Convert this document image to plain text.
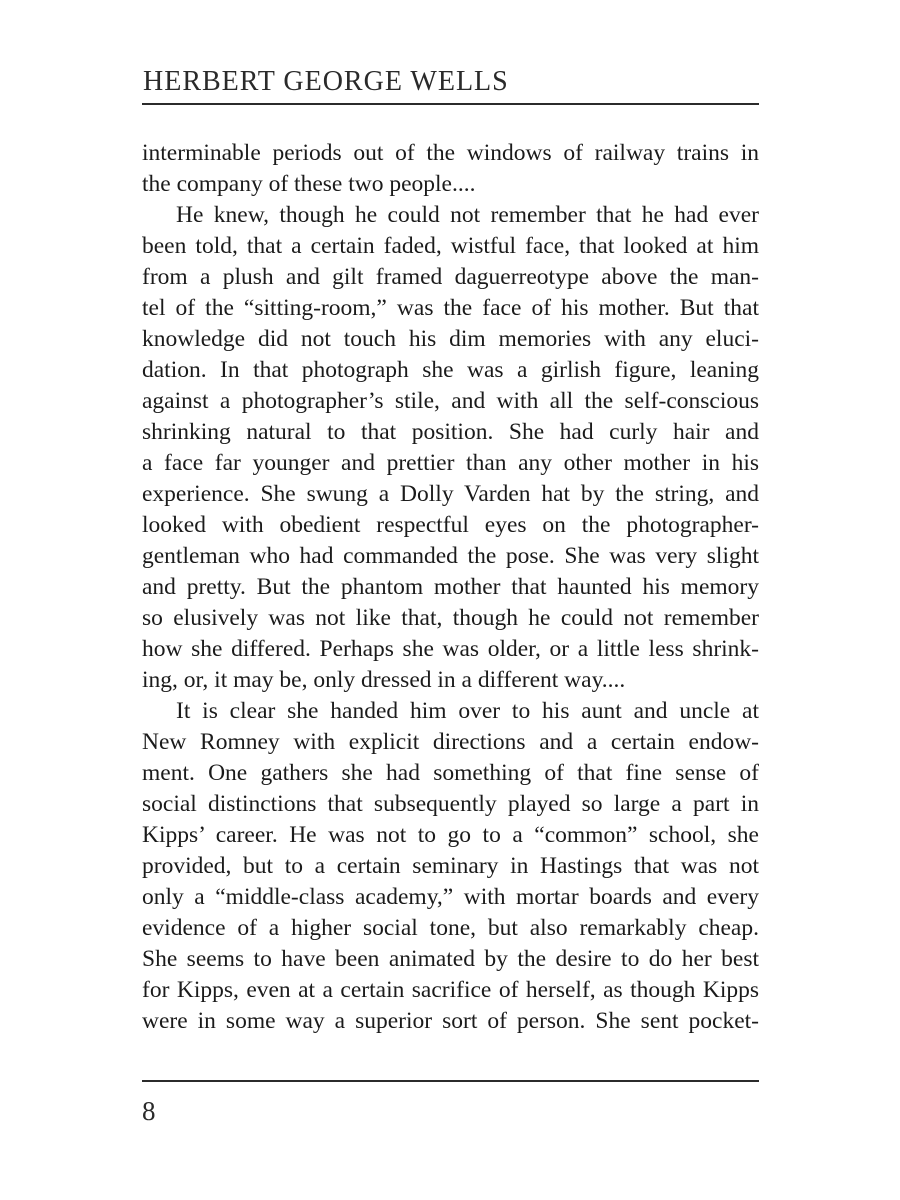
HERBERT GEORGE WELLS
interminable periods out of the windows of railway trains in
the company of these two people....
He knew, though he could not remember that he had ever
been told, that a certain faded, wistful face, that looked at him
from a plush and gilt framed daguerreotype above the man-
tel of the “sitting-room,” was the face of his mother. But that
knowledge did not touch his dim memories with any eluci-
dation. In that photograph she was a girlish figure, leaning
against a photographer’s stile, and with all the self-conscious
shrinking natural to that position. She had curly hair and
a face far younger and prettier than any other mother in his
experience. She swung a Dolly Varden hat by the string, and
looked with obedient respectful eyes on the photographer-
gentleman who had commanded the pose. She was very slight
and pretty. But the phantom mother that haunted his memory
so elusively was not like that, though he could not remember
how she differed. Perhaps she was older, or a little less shrink-
ing, or, it may be, only dressed in a different way....
It is clear she handed him over to his aunt and uncle at
New Romney with explicit directions and a certain endow-
ment. One gathers she had something of that fine sense of
social distinctions that subsequently played so large a part in
Kipps’ career. He was not to go to a “common” school, she
provided, but to a certain seminary in Hastings that was not
only a “middle-class academy,” with mortar boards and every
evidence of a higher social tone, but also remarkably cheap.
She seems to have been animated by the desire to do her best
for Kipps, even at a certain sacrifice of herself, as though Kipps
were in some way a superior sort of person. She sent pocket-
8
